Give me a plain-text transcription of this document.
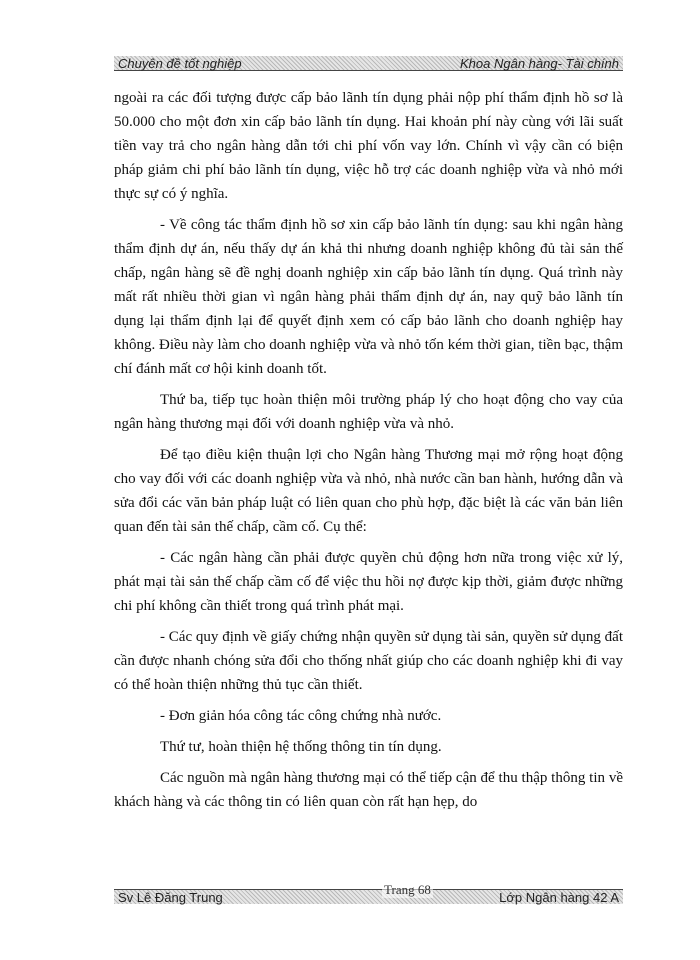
Chuyên đề tốt nghiệp	Khoa Ngân hàng- Tài chính

ngoài ra các đối tượng được cấp bảo lãnh tín dụng phải nộp phí thẩm định hồ sơ là 50.000 cho một đơn xin cấp bảo lãnh tín dụng. Hai khoản phí này cùng với lãi suất tiền vay trả cho ngân hàng dẫn tới chi phí vốn vay lớn. Chính vì vậy cần có biện pháp giảm chi phí bảo lãnh tín dụng, việc hỗ trợ các doanh nghiệp vừa và nhỏ mới thực sự có ý nghĩa.

- Về công tác thẩm định hồ sơ xin cấp bảo lãnh tín dụng: sau khi ngân hàng thẩm định dự án, nếu thấy dự án khả thi nhưng doanh nghiệp không đủ tài sản thế chấp, ngân hàng sẽ đề nghị doanh nghiệp xin cấp bảo lãnh tín dụng. Quá trình này mất rất nhiều thời gian vì ngân hàng phải thẩm định dự án, nay quỹ bảo lãnh tín dụng lại thẩm định lại để quyết định xem có cấp bảo lãnh cho doanh nghiệp hay không. Điều này làm cho doanh nghiệp vừa và nhỏ tốn kém thời gian, tiền bạc, thậm chí đánh mất cơ hội kinh doanh tốt.

Thứ ba, tiếp tục hoàn thiện môi trường pháp lý cho hoạt động cho vay của ngân hàng thương mại đối với doanh nghiệp vừa và nhỏ.

Để tạo điều kiện thuận lợi cho Ngân hàng Thương mại mở rộng hoạt động cho vay đối với các doanh nghiệp vừa và nhỏ, nhà nước cần ban hành, hướng dẫn và sửa đổi các văn bản pháp luật có liên quan cho phù hợp, đặc biệt là các văn bản liên quan đến tài sản thế chấp, cầm cố. Cụ thể:

- Các ngân hàng cần phải được quyền chủ động hơn nữa trong việc xử lý, phát mại tài sản thế chấp cầm cố để việc thu hồi nợ được kịp thời, giảm được những chi phí không cần thiết trong quá trình phát mại.

- Các quy định về giấy chứng nhận quyền sử dụng tài sản, quyền sử dụng đất cần được nhanh chóng sửa đổi cho thống nhất giúp cho các doanh nghiệp khi đi vay có thể hoàn thiện những thủ tục cần thiết.

- Đơn giản hóa công tác công chứng nhà nước.

Thứ tư, hoàn thiện hệ thống thông tin tín dụng.

Các nguồn mà ngân hàng thương mại có thể tiếp cận để thu thập thông tin về khách hàng và các thông tin có liên quan còn rất hạn hẹp, do

Sv Lê Đăng Trung	Lớp Ngân hàng 42 A
Trang 68
